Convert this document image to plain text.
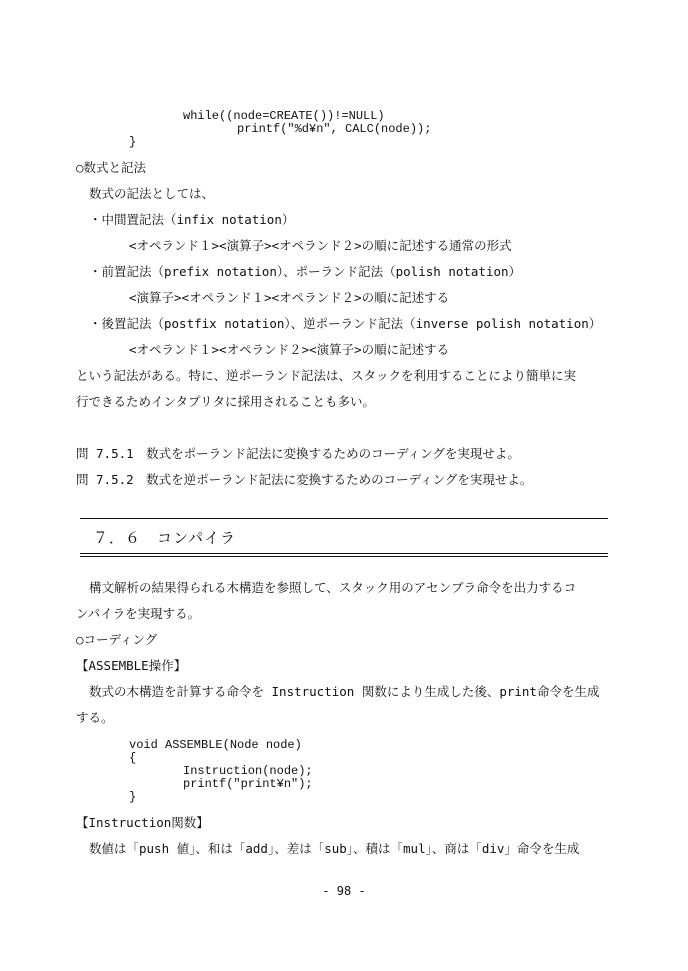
while((node=CREATE())!=NULL)
printf("%d¥n", CALC(node));
}
○数式と記法
数式の記法としては、
・中間置記法（infix notation）
<オペランド１><演算子><オペランド２>の順に記述する通常の形式
・前置記法（prefix notation）、ポーランド記法（polish notation）
<演算子><オペランド１><オペランド２>の順に記述する
・後置記法（postfix notation）、逆ポーランド記法（inverse polish notation）
<オペランド１><オペランド２><演算子>の順に記述する
という記法がある。特に、逆ポーランド記法は、スタックを利用することにより簡単に実
行できるためインタプリタに採用されることも多い。
問 7.5.1　数式をポーランド記法に変換するためのコーディングを実現せよ。
問 7.5.2　数式を逆ポーランド記法に変換するためのコーディングを実現せよ。
７．６　コンパイラ
構文解析の結果得られる木構造を参照して、スタック用のアセンブラ命令を出力するコ
ンパイラを実現する。
○コーディング
【ASSEMBLE操作】
数式の木構造を計算する命令を Instruction 関数により生成した後、print命令を生成
する。
void ASSEMBLE(Node node)
{
Instruction(node);
printf("print¥n");
}
【Instruction関数】
数値は「push 値」、和は「add」、差は「sub」、積は「mul」、商は「div」命令を生成
- 98 -
